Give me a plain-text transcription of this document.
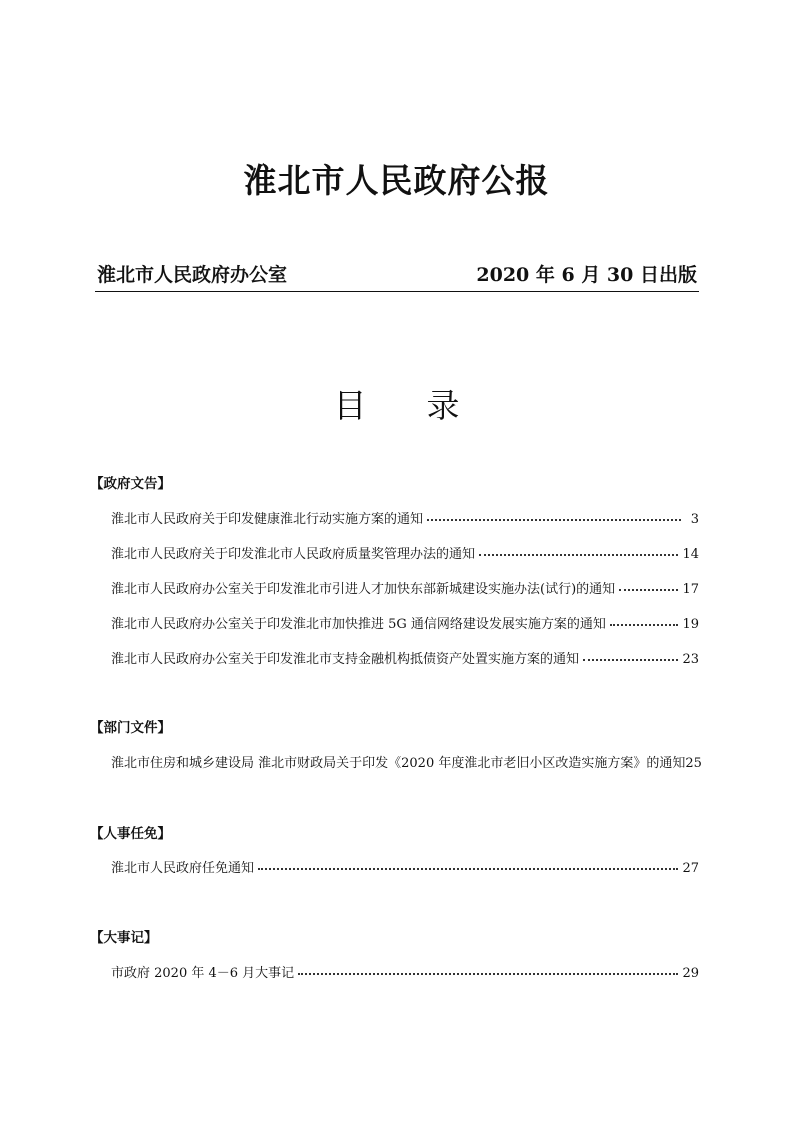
淮北市人民政府公报
淮北市人民政府办公室	2020 年 6 月 30 日出版
目录
【政府文告】
淮北市人民政府关于印发健康淮北行动实施方案的通知	3
淮北市人民政府关于印发淮北市人民政府质量奖管理办法的通知	14
淮北市人民政府办公室关于印发淮北市引进人才加快东部新城建设实施办法(试行)的通知	17
淮北市人民政府办公室关于印发淮北市加快推进 5G 通信网络建设发展实施方案的通知	19
淮北市人民政府办公室关于印发淮北市支持金融机构抵债资产处置实施方案的通知	23
【部门文件】
淮北市住房和城乡建设局 淮北市财政局关于印发《2020 年度淮北市老旧小区改造实施方案》的通知 25
【人事任免】
淮北市人民政府任免通知	27
【大事记】
市政府 2020 年 4－6 月大事记	29
